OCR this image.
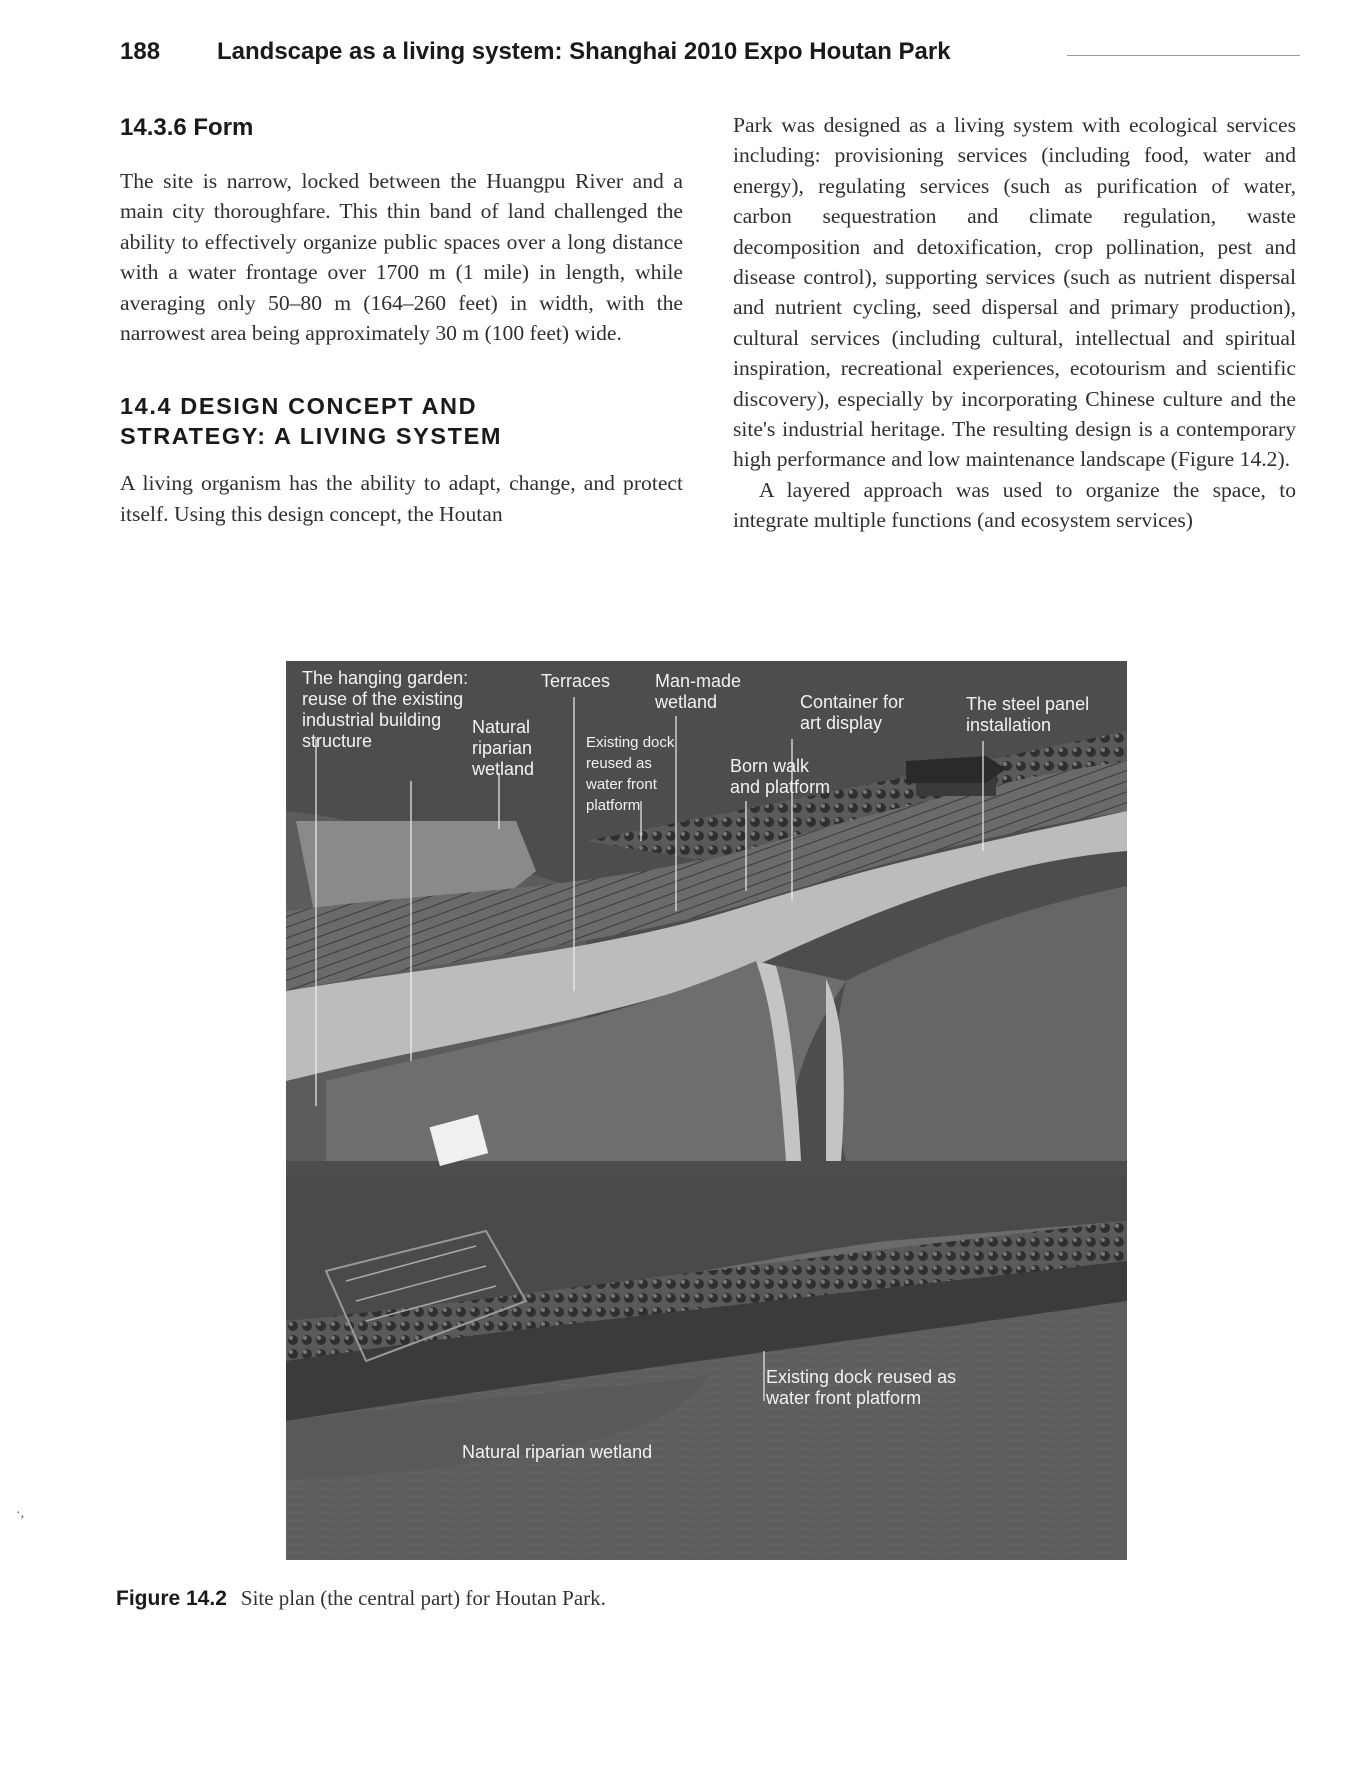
188 Landscape as a living system: Shanghai 2010 Expo Houtan Park
14.3.6 Form

The site is narrow, locked between the Huangpu River and a main city thoroughfare. This thin band of land challenged the ability to effectively organize public spaces over a long distance with a water frontage over 1700 m (1 mile) in length, while averaging only 50–80 m (164–260 feet) in width, with the narrowest area being approximately 30 m (100 feet) wide.

14.4 DESIGN CONCEPT AND
STRATEGY: A LIVING SYSTEM

A living organism has the ability to adapt, change, and protect itself. Using this design concept, the Houtan

Park was designed as a living system with ecological services including: provisioning services (including food, water and energy), regulating services (such as purification of water, carbon sequestration and climate regulation, waste decomposition and detoxification, crop pollination, pest and disease control), supporting services (such as nutrient dispersal and nutrient cycling, seed dispersal and primary production), cultural services (including cultural, intellectual and spiritual inspiration, recreational experiences, ecotourism and scientific discovery), especially by incorporating Chinese culture and the site's industrial heritage. The resulting design is a contemporary high performance and low maintenance landscape (Figure 14.2).

A layered approach was used to organize the space, to integrate multiple functions (and ecosystem services)

The hanging garden:
reuse of the existing
industrial building
structure
Natural
riparian
wetland
Terraces Man-made
wetland
Existing dock
reused as
water front
platform
Container for
art display
The steel panel
installation
Born walk
and platform
Existing dock reused as
water front platform
Natural riparian wetland
Figure 14.2 Site plan (the central part) for Houtan Park.
·,
